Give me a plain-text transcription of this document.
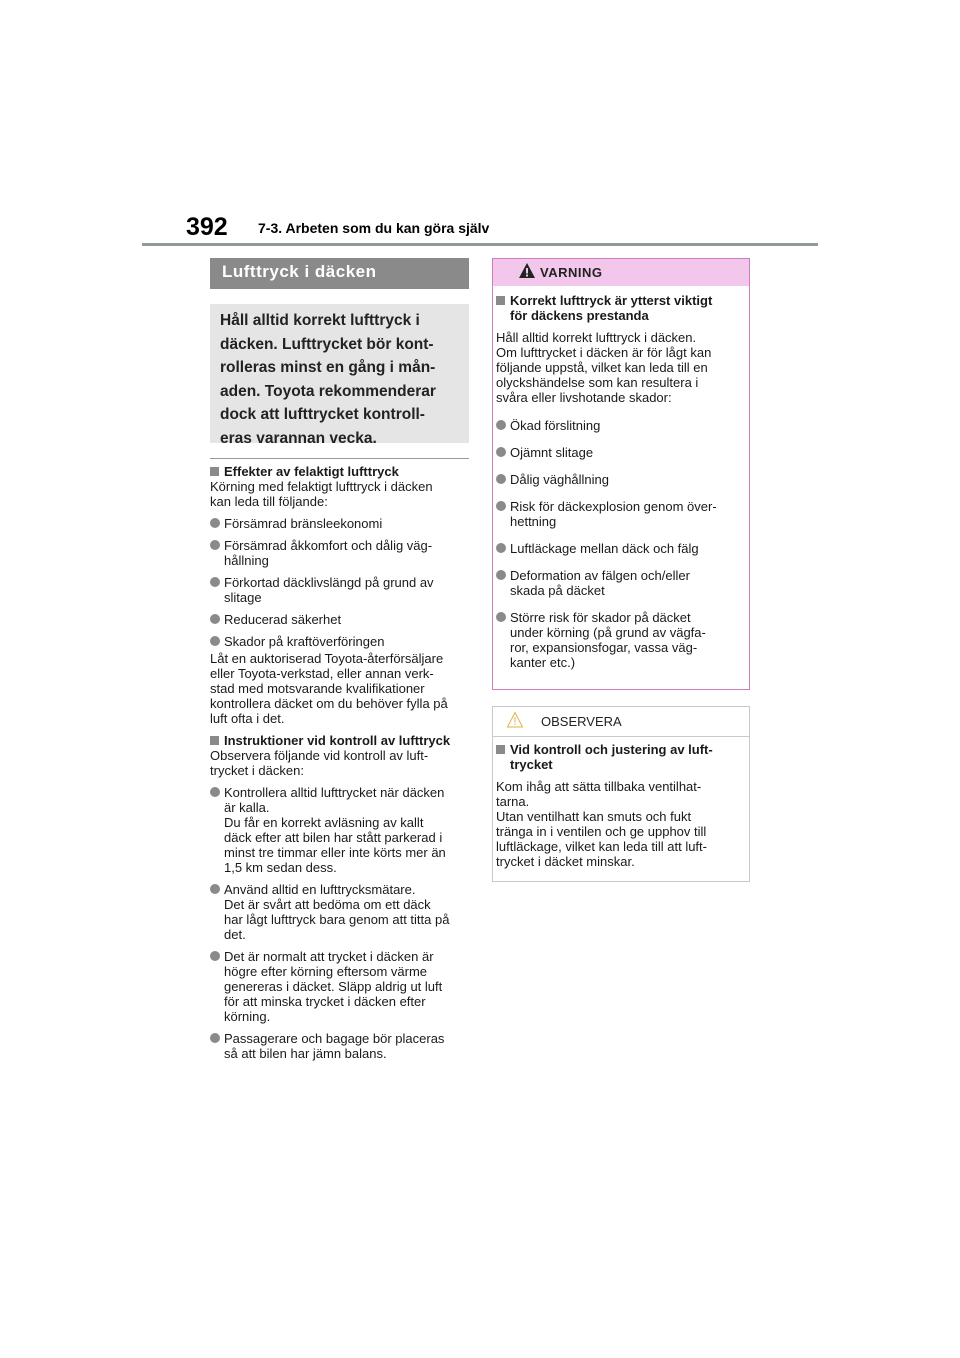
392 7-3. Arbeten som du kan göra själv
Lufttryck i däcken

Håll alltid korrekt lufttryck i

däcken. Lufttrycket bör kont-

rolleras minst en gång i mån-

aden. Toyota rekommenderar

dock att lufttrycket kontroll-

eras varannan vecka.

Effekter av felaktigt lufttryck

Körning med felaktigt lufttryck i däcken
kan leda till följande:

Försämrad bränsleekonomi
Försämrad åkkomfort och dålig väg-
hållning
Förkortad däcklivslängd på grund av
slitage
Reducerad säkerhet
Skador på kraftöverföringen

Låt en auktoriserad Toyota-återförsäljare
eller Toyota-verkstad, eller annan verk-
stad med motsvarande kvalifikationer
kontrollera däcket om du behöver fylla på
luft ofta i det.

Instruktioner vid kontroll av lufttryck

Observera följande vid kontroll av luft-
trycket i däcken:

Kontrollera alltid lufttrycket när däcken
är kalla.
Du får en korrekt avläsning av kallt
däck efter att bilen har stått parkerad i
minst tre timmar eller inte körts mer än
1,5 km sedan dess.
Använd alltid en lufttrycksmätare.
Det är svårt att bedöma om ett däck
har lågt lufttryck bara genom att titta på
det.
Det är normalt att trycket i däcken är
högre efter körning eftersom värme
genereras i däcket. Släpp aldrig ut luft
för att minska trycket i däcken efter
körning.
Passagerare och bagage bör placeras
så att bilen har jämn balans.
VARNING
Korrekt lufttryck är ytterst viktigt
för däckens prestanda

Håll alltid korrekt lufttryck i däcken.
Om lufttrycket i däcken är för lågt kan
följande uppstå, vilket kan leda till en
olyckshändelse som kan resultera i
svåra eller livshotande skador:

Ökad förslitning
Ojämnt slitage
Dålig väghållning
Risk för däckexplosion genom över-
hettning
Luftläckage mellan däck och fälg
Deformation av fälgen och/eller
skada på däcket
Större risk för skador på däcket
under körning (på grund av vägfa-
ror, expansionsfogar, vassa väg-
kanter etc.)
OBSERVERA
Vid kontroll och justering av luft-
trycket

Kom ihåg att sätta tillbaka ventilhat-
tarna.
Utan ventilhatt kan smuts och fukt
tränga in i ventilen och ge upphov till
luftläckage, vilket kan leda till att luft-
trycket i däcket minskar.
